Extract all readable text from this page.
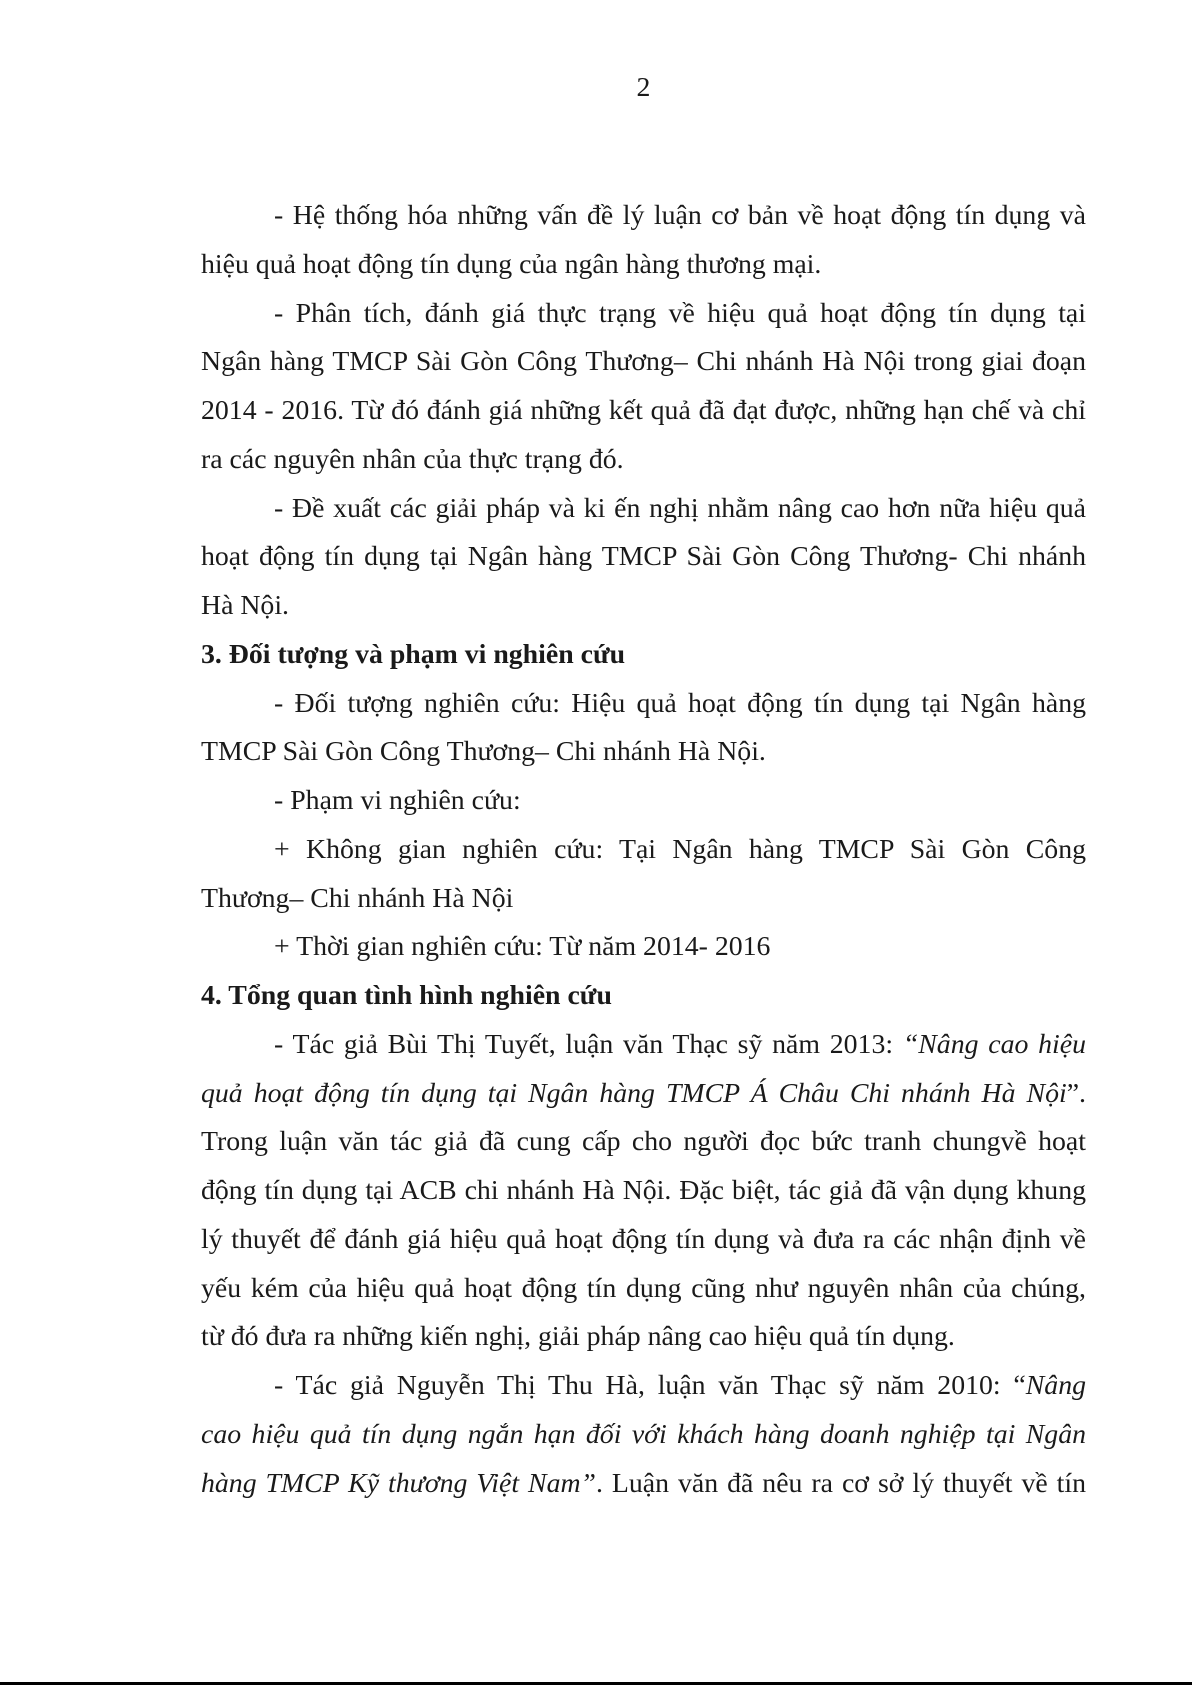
2
- Hệ thống hóa những vấn đề lý luận cơ bản về hoạt động tín dụng và
hiệu quả hoạt động tín dụng của ngân hàng thương mại.
- Phân tích, đánh giá thực trạng về hiệu quả hoạt động tín dụng tại
Ngân hàng TMCP Sài Gòn Công Thương– Chi nhánh Hà Nội trong giai đoạn
2014 - 2016. Từ đó đánh giá những kết quả đã đạt được, những hạn chế và chỉ
ra các nguyên nhân của thực trạng đó.
- Đề xuất các giải pháp và ki ến nghị nhằm nâng cao hơn nữa hiệu quả
hoạt động tín dụng tại Ngân hàng TMCP Sài Gòn Công Thương- Chi nhánh
Hà Nội.
3. Đối tượng và phạm vi nghiên cứu
- Đối tượng nghiên cứu: Hiệu quả hoạt động tín dụng tại Ngân hàng
TMCP Sài Gòn Công Thương– Chi nhánh Hà Nội.
- Phạm vi nghiên cứu:
+ Không gian nghiên cứu: Tại Ngân hàng TMCP Sài Gòn Công
Thương– Chi nhánh Hà Nội
+ Thời gian nghiên cứu: Từ năm 2014- 2016
4. Tổng quan tình hình nghiên cứu
- Tác giả Bùi Thị Tuyết, luận văn Thạc sỹ năm 2013: “Nâng cao hiệu
quả hoạt động tín dụng tại Ngân hàng TMCP Á Châu Chi nhánh Hà Nội”.
Trong luận văn tác giả đã cung cấp cho người đọc bức tranh chungvề hoạt
động tín dụng tại ACB chi nhánh Hà Nội. Đặc biệt, tác giả đã vận dụng khung
lý thuyết để đánh giá hiệu quả hoạt động tín dụng và đưa ra các nhận định về
yếu kém của hiệu quả hoạt động tín dụng cũng như nguyên nhân của chúng,
từ đó đưa ra những kiến nghị, giải pháp nâng cao hiệu quả tín dụng.
- Tác giả Nguyễn Thị Thu Hà, luận văn Thạc sỹ năm 2010: “Nâng
cao hiệu quả tín dụng ngắn hạn đối với khách hàng doanh nghiệp tại Ngân
hàng TMCP Kỹ thương Việt Nam”. Luận văn đã nêu ra cơ sở lý thuyết về tín
